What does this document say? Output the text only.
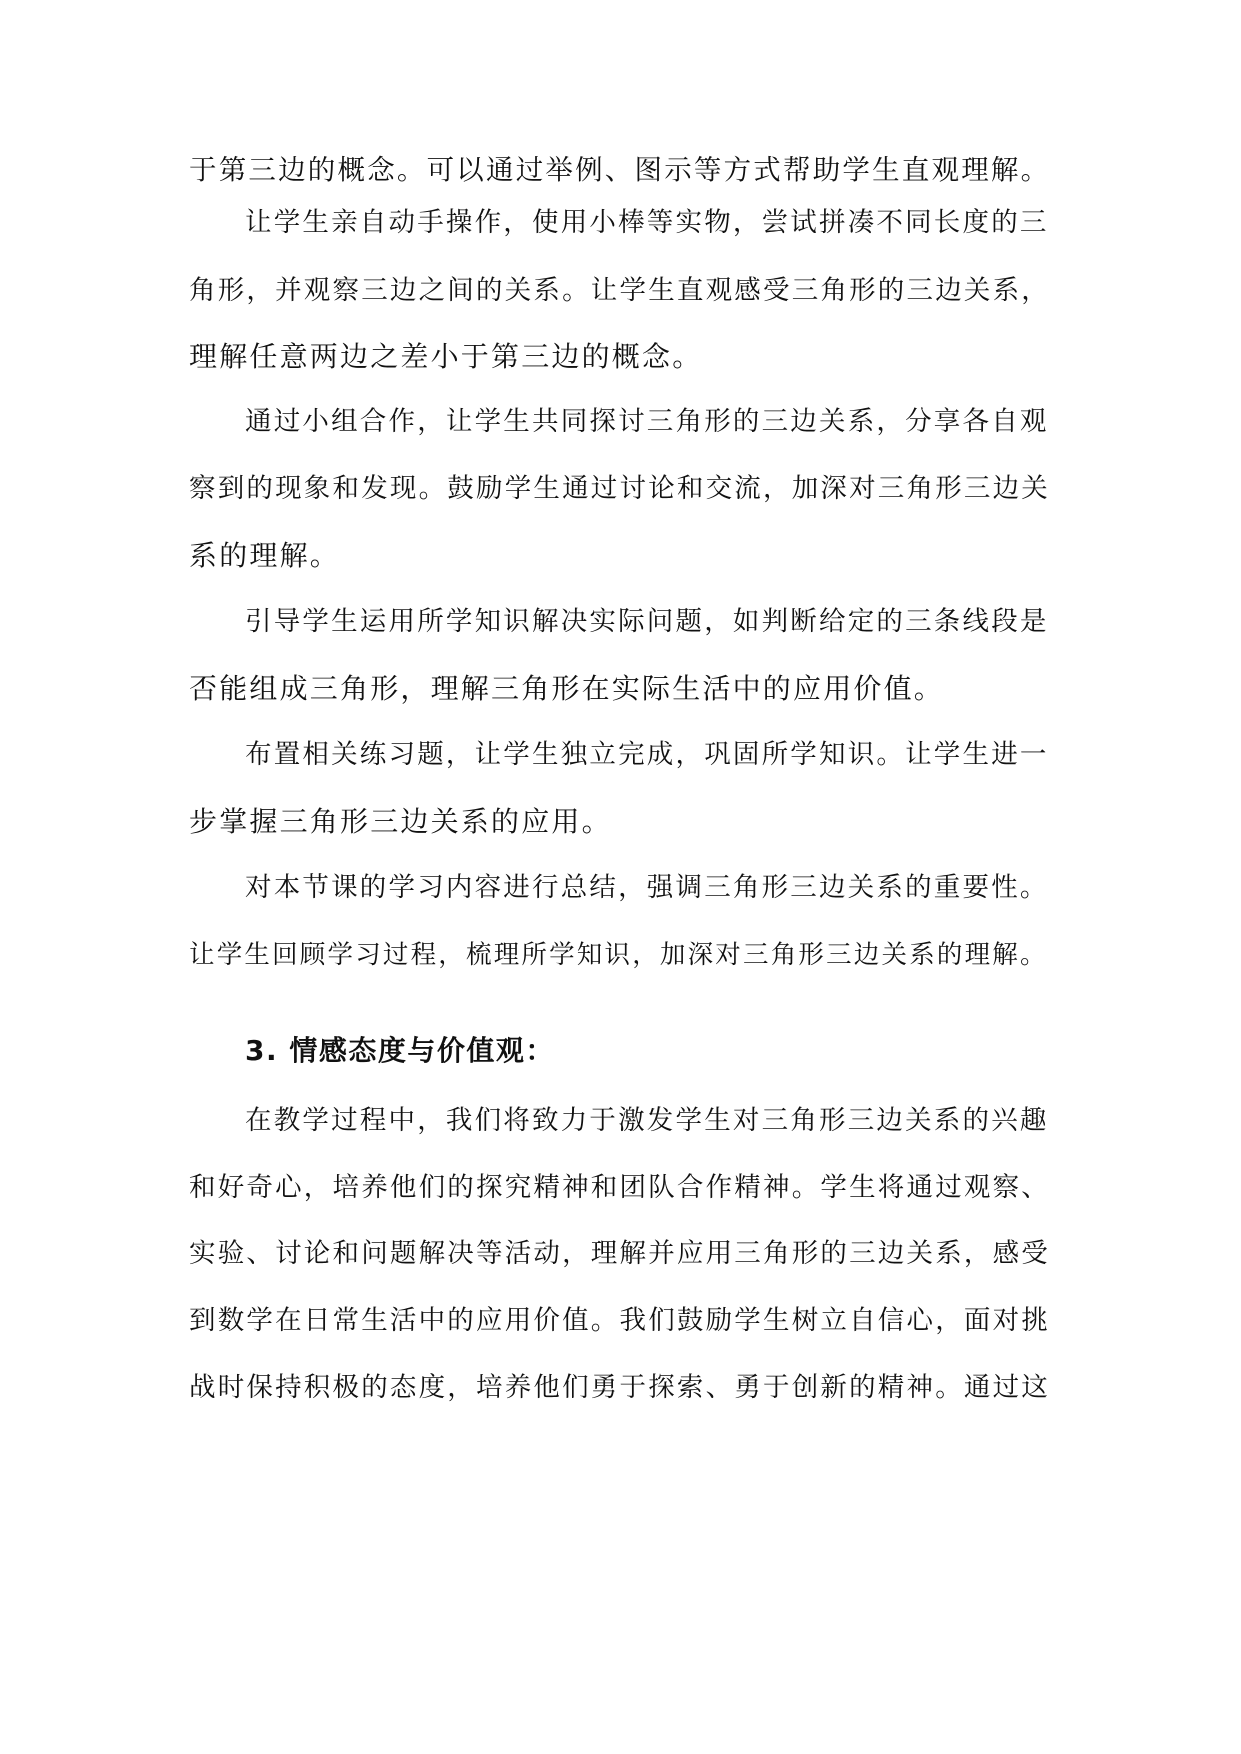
于第三边的概念。可以通过举例、图示等方式帮助学生直观理解。
让学生亲自动手操作，使用小棒等实物，尝试拼凑不同长度的三
角形，并观察三边之间的关系。让学生直观感受三角形的三边关系，
理解任意两边之差小于第三边的概念。
通过小组合作，让学生共同探讨三角形的三边关系，分享各自观
察到的现象和发现。鼓励学生通过讨论和交流，加深对三角形三边关
系的理解。
引导学生运用所学知识解决实际问题，如判断给定的三条线段是
否能组成三角形，理解三角形在实际生活中的应用价值。
布置相关练习题，让学生独立完成，巩固所学知识。让学生进一
步掌握三角形三边关系的应用。
对本节课的学习内容进行总结，强调三角形三边关系的重要性。
让学生回顾学习过程，梳理所学知识，加深对三角形三边关系的理解。
3. 情感态度与价值观：
在教学过程中，我们将致力于激发学生对三角形三边关系的兴趣
和好奇心，培养他们的探究精神和团队合作精神。学生将通过观察、
实验、讨论和问题解决等活动，理解并应用三角形的三边关系，感受
到数学在日常生活中的应用价值。我们鼓励学生树立自信心，面对挑
战时保持积极的态度，培养他们勇于探索、勇于创新的精神。通过这
